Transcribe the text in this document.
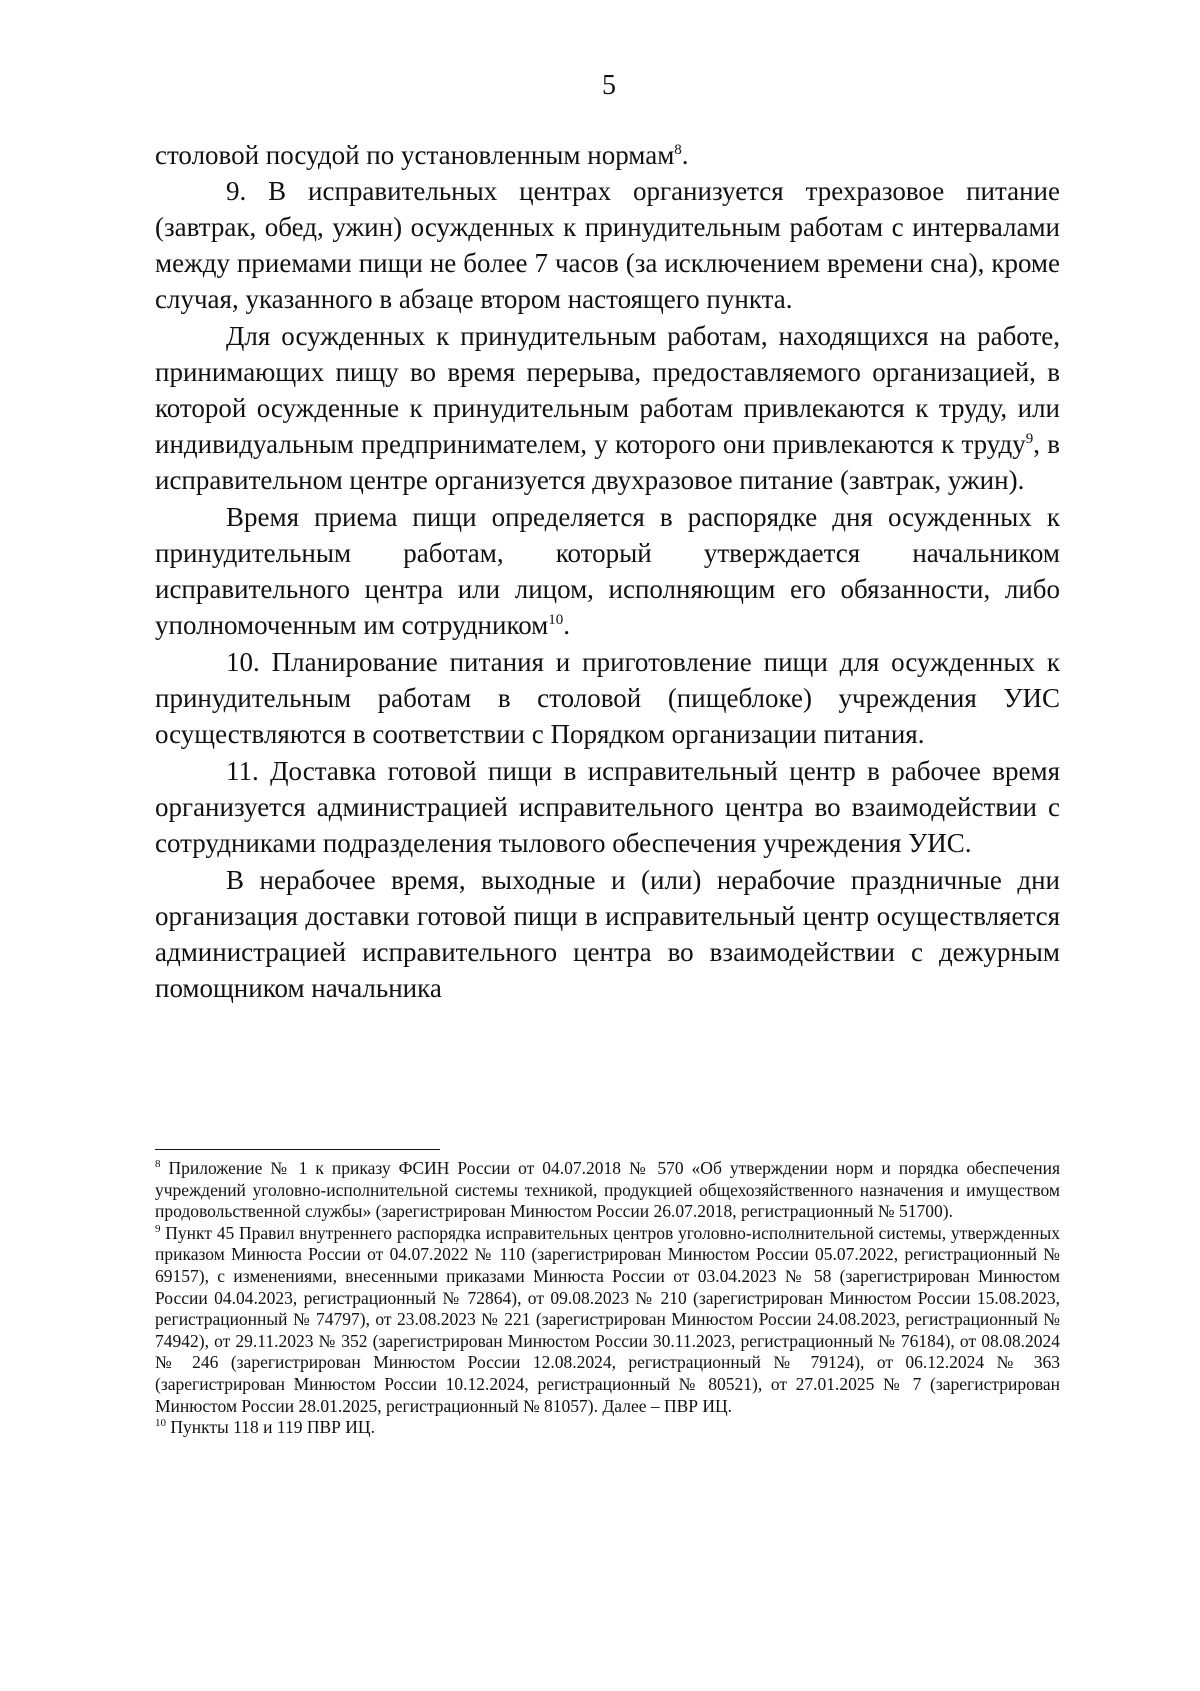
5

столовой посудой по установленным нормам$^8$.

9. В исправительных центрах организуется трехразовое питание (завтрак, обед, ужин) осужденных к принудительным работам с интервалами между приемами пищи не более 7 часов (за исключением времени сна), кроме случая, указанного в абзаце втором настоящего пункта.

Для осужденных к принудительным работам, находящихся на работе, принимающих пищу во время перерыва, предоставляемого организацией, в которой осужденные к принудительным работам привлекаются к труду, или индивидуальным предпринимателем, у которого они привлекаются к труду$^9$, в исправительном центре организуется двухразовое питание (завтрак, ужин).

Время приема пищи определяется в распорядке дня осужденных к принудительным работам, который утверждается начальником исправительного центра или лицом, исполняющим его обязанности, либо уполномоченным им сотрудником$^{10}$.

10. Планирование питания и приготовление пищи для осужденных к принудительным работам в столовой (пищеблоке) учреждения УИС осуществляются в соответствии с Порядком организации питания.

11. Доставка готовой пищи в исправительный центр в рабочее время организуется администрацией исправительного центра во взаимодействии с сотрудниками подразделения тылового обеспечения учреждения УИС.

В нерабочее время, выходные и (или) нерабочие праздничные дни организация доставки готовой пищи в исправительный центр осуществляется администрацией исправительного центра во взаимодействии с дежурным помощником начальника

$^8$ Приложение № 1 к приказу ФСИН России от 04.07.2018 № 570 «Об утверждении норм и порядка обеспечения учреждений уголовно-исполнительной системы техникой, продукцией общехозяйственного назначения и имуществом продовольственной службы» (зарегистрирован Минюстом России 26.07.2018, регистрационный № 51700).

$^9$ Пункт 45 Правил внутреннего распорядка исправительных центров уголовно-исполнительной системы, утвержденных приказом Минюста России от 04.07.2022 № 110 (зарегистрирован Минюстом России 05.07.2022, регистрационный № 69157), с изменениями, внесенными приказами Минюста России от 03.04.2023 № 58 (зарегистрирован Минюстом России 04.04.2023, регистрационный № 72864), от 09.08.2023 № 210 (зарегистрирован Минюстом России 15.08.2023, регистрационный № 74797), от 23.08.2023 № 221 (зарегистрирован Минюстом России 24.08.2023, регистрационный № 74942), от 29.11.2023 № 352 (зарегистрирован Минюстом России 30.11.2023, регистрационный № 76184), от 08.08.2024 № 246 (зарегистрирован Минюстом России 12.08.2024, регистрационный № 79124), от 06.12.2024 № 363 (зарегистрирован Минюстом России 10.12.2024, регистрационный № 80521), от 27.01.2025 № 7 (зарегистрирован Минюстом России 28.01.2025, регистрационный № 81057). Далее – ПВР ИЦ.

$^{10}$ Пункты 118 и 119 ПВР ИЦ.
